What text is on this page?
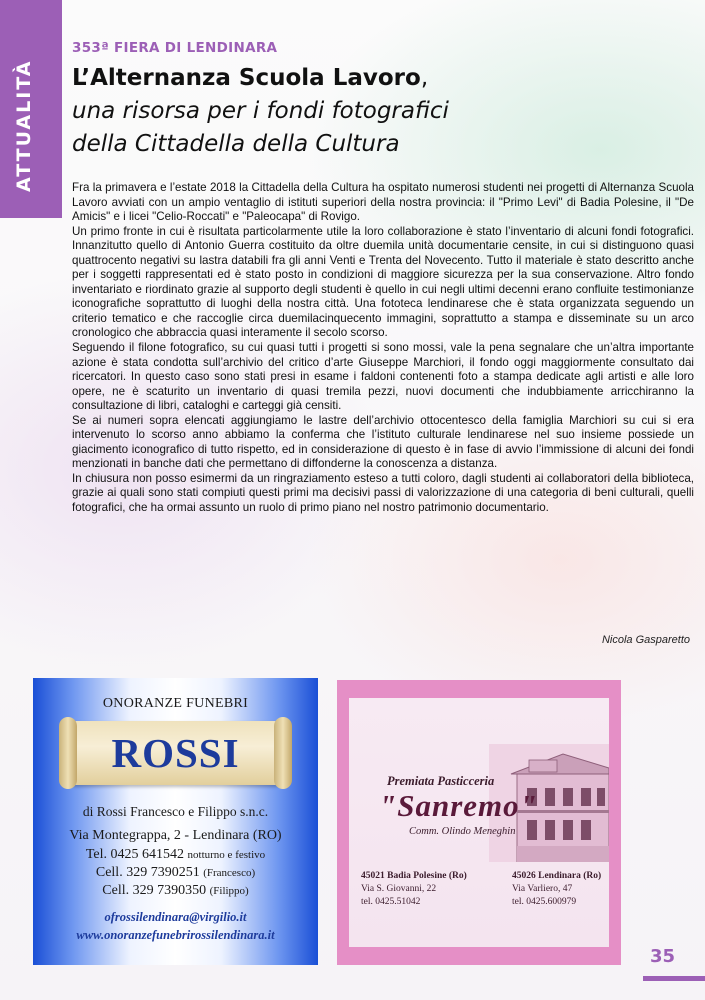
ATTUALITÀ
353ª FIERA DI LENDINARA
L’Alternanza Scuola Lavoro,
una risorsa per i fondi fotografici
della Cittadella della Cultura

Fra la primavera e l’estate 2018 la Cittadella della Cultura ha ospitato numerosi studenti nei progetti di Alternanza Scuola Lavoro avviati con un ampio ventaglio di istituti superiori della nostra provincia: il "Primo Levi" di Badia Polesine, il "De Amicis" e i licei "Celio-Roccati" e "Paleocapa" di Rovigo.

Un primo fronte in cui è risultata particolarmente utile la loro collaborazione è stato l’inventario di alcuni fondi fotografici. Innanzitutto quello di Antonio Guerra costituito da oltre duemila unità documentarie censite, in cui si distinguono quasi quattrocento negativi su lastra databili fra gli anni Venti e Trenta del Novecento. Tutto il materiale è stato descritto anche per i soggetti rappresentati ed è stato posto in condizioni di maggiore sicurezza per la sua conservazione. Altro fondo inventariato e riordinato grazie al supporto degli studenti è quello in cui negli ultimi decenni erano confluite testimonianze iconografiche soprattutto di luoghi della nostra città. Una fototeca lendinarese che è stata organizzata seguendo un criterio tematico e che raccoglie circa duemilacinquecento immagini, soprattutto a stampa e disseminate su un arco cronologico che abbraccia quasi interamente il secolo scorso.

Seguendo il filone fotografico, su cui quasi tutti i progetti si sono mossi, vale la pena segnalare che un’altra importante azione è stata condotta sull’archivio del critico d’arte Giuseppe Marchiori, il fondo oggi maggiormente consultato dai ricercatori. In questo caso sono stati presi in esame i faldoni contenenti foto a stampa dedicate agli artisti e alle loro opere, ne è scaturito un inventario di quasi tremila pezzi, nuovi documenti che indubbiamente arricchiranno la consultazione di libri, cataloghi e carteggi già censiti.

Se ai numeri sopra elencati aggiungiamo le lastre dell’archivio ottocentesco della famiglia Marchiori su cui si era intervenuto lo scorso anno abbiamo la conferma che l’istituto culturale lendinarese nel suo insieme possiede un giacimento iconografico di tutto rispetto, ed in considerazione di questo è in fase di avvio l’immissione di alcuni dei fondi menzionati in banche dati che permettano di diffonderne la conoscenza a distanza.

In chiusura non posso esimermi da un ringraziamento esteso a tutti coloro, dagli studenti ai collaboratori della biblioteca, grazie ai quali sono stati compiuti questi primi ma decisivi passi di valorizzazione di una categoria di beni culturali, quelli fotografici, che ha ormai assunto un ruolo di primo piano nel nostro patrimonio documentario.

Nicola Gasparetto
ONORANZE FUNEBRI
ROSSI
di Rossi Francesco e Filippo s.n.c.
Via Montegrappa, 2 - Lendinara (RO)
Tel. 0425 641542 notturno e festivo
Cell. 329 7390251 (Francesco)
Cell. 329 7390350 (Filippo)
ofrossilendinara@virgilio.it
www.onoranzefunebrirossilendinara.it
Premiata Pasticceria
"Sanremo"
Comm. Olindo Meneghin
45021 Badia Polesine (Ro)
Via S. Giovanni, 22
tel. 0425.51042
45026 Lendinara (Ro)
Via Varliero, 47
tel. 0425.600979
35
